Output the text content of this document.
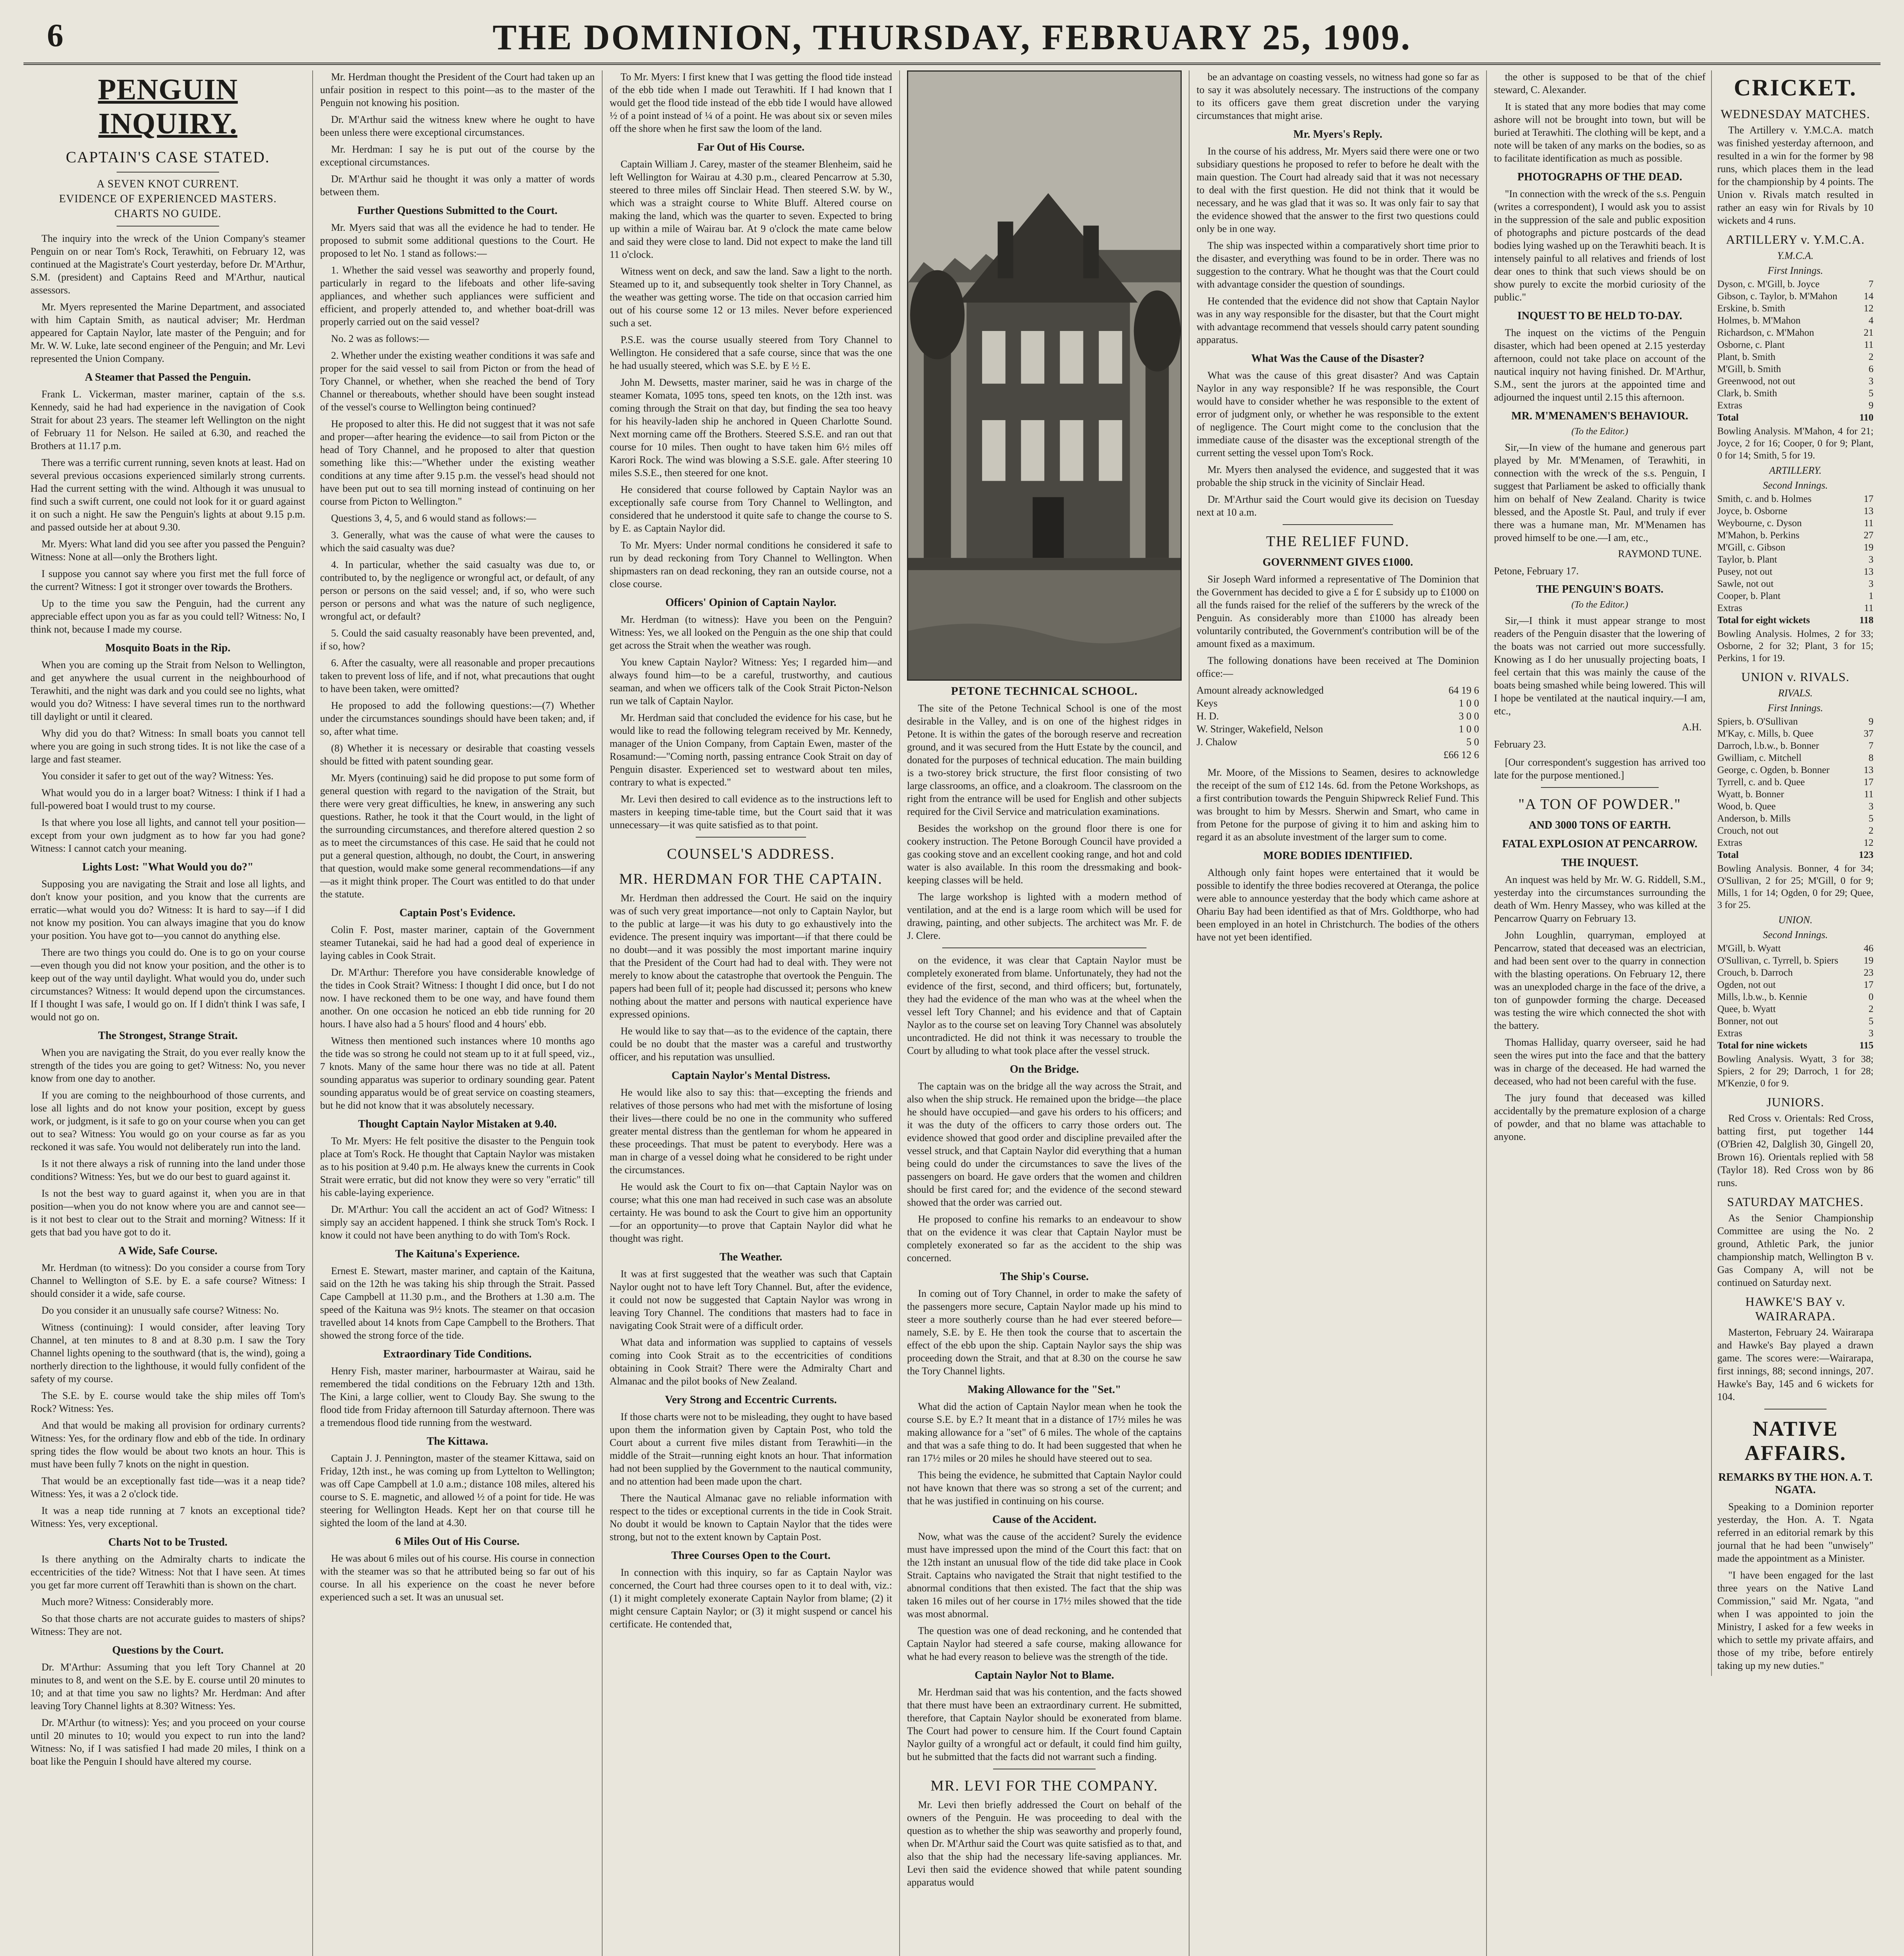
6	THE DOMINION, THURSDAY, FEBRUARY 25, 1909.
PENGUIN INQUIRY.
CAPTAIN'S CASE STATED.
A SEVEN KNOT CURRENT.
EVIDENCE OF EXPERIENCED MASTERS.
CHARTS NO GUIDE.

The inquiry into the wreck of the Union Company's steamer Penguin on or near Tom's Rock, Terawhiti, on February 12, was continued at the Magistrate's Court yesterday, before Dr. M'Arthur, S.M. (president) and Captains Reed and M'Arthur, nautical assessors.

Mr. Myers represented the Marine Department, and associated with him Captain Smith, as nautical adviser; Mr. Herdman appeared for Captain Naylor, late master of the Penguin; and for Mr. W. W. Luke, late second engineer of the Penguin; and Mr. Levi represented the Union Company.

A Steamer that Passed the Penguin.

Frank L. Vickerman, master mariner, captain of the s.s. Kennedy, said he had had experience in the navigation of Cook Strait for about 23 years. The steamer left Wellington on the night of February 11 for Nelson. He sailed at 6.30, and reached the Brothers at 11.17 p.m.

There was a terrific current running, seven knots at least. Had on several previous occasions experienced similarly strong currents. Had the current setting with the wind. Although it was unusual to find such a swift current, one could not look for it or guard against it on such a night. He saw the Penguin's lights at about 9.15 p.m. and passed outside her at about 9.30.

Mr. Myers: What land did you see after you passed the Penguin? Witness: None at all—only the Brothers light.

I suppose you cannot say where you first met the full force of the current? Witness: I got it stronger over towards the Brothers.

Up to the time you saw the Penguin, had the current any appreciable effect upon you as far as you could tell? Witness: No, I think not, because I made my course.

Mosquito Boats in the Rip.

When you are coming up the Strait from Nelson to Wellington, and get anywhere the usual current in the neighbourhood of Terawhiti, and the night was dark and you could see no lights, what would you do? Witness: I have several times run to the northward till daylight or until it cleared.

Why did you do that? Witness: In small boats you cannot tell where you are going in such strong tides. It is not like the case of a large and fast steamer.

You consider it safer to get out of the way? Witness: Yes.

What would you do in a larger boat? Witness: I think if I had a full-powered boat I would trust to my course.

Is that where you lose all lights, and cannot tell your position—except from your own judgment as to how far you had gone? Witness: I cannot catch your meaning.

Lights Lost: "What Would you do?"

Supposing you are navigating the Strait and lose all lights, and don't know your position, and you know that the currents are erratic—what would you do? Witness: It is hard to say—if I did not know my position. You can always imagine that you do know your position. You have got to—you cannot do anything else.

There are two things you could do. One is to go on your course—even though you did not know your position, and the other is to keep out of the way until daylight. What would you do, under such circumstances? Witness: It would depend upon the circumstances. If I thought I was safe, I would go on. If I didn't think I was safe, I would not go on.

The Strongest, Strange Strait.

When you are navigating the Strait, do you ever really know the strength of the tides you are going to get? Witness: No, you never know from one day to another.

If you are coming to the neighbourhood of those currents, and lose all lights and do not know your position, except by guess work, or judgment, is it safe to go on your course when you can get out to sea? Witness: You would go on your course as far as you reckoned it was safe. You would not deliberately run into the land.

Is it not there always a risk of running into the land under those conditions? Witness: Yes, but we do our best to guard against it.

Is not the best way to guard against it, when you are in that position—when you do not know where you are and cannot see—is it not best to clear out to the Strait and morning? Witness: If it gets that bad you have got to do it.

A Wide, Safe Course.

Mr. Herdman (to witness): Do you consider a course from Tory Channel to Wellington of S.E. by E. a safe course? Witness: I should consider it a wide, safe course.

Do you consider it an unusually safe course? Witness: No.

Witness (continuing): I would consider, after leaving Tory Channel, at ten minutes to 8 and at 8.30 p.m. I saw the Tory Channel lights opening to the southward (that is, the wind), going a northerly direction to the lighthouse, it would fully confident of the safety of my course.

The S.E. by E. course would take the ship miles off Tom's Rock? Witness: Yes.

And that would be making all provision for ordinary currents? Witness: Yes, for the ordinary flow and ebb of the tide. In ordinary spring tides the flow would be about two knots an hour. This is must have been fully 7 knots on the night in question.

That would be an exceptionally fast tide—was it a neap tide? Witness: Yes, it was a 2 o'clock tide.

It was a neap tide running at 7 knots an exceptional tide? Witness: Yes, very exceptional.

Charts Not to be Trusted.

Is there anything on the Admiralty charts to indicate the eccentricities of the tide? Witness: Not that I have seen. At times you get far more current off Terawhiti than is shown on the chart.

Much more? Witness: Considerably more.

So that those charts are not accurate guides to masters of ships? Witness: They are not.

Questions by the Court.

Dr. M'Arthur: Assuming that you left Tory Channel at 20 minutes to 8, and went on the S.E. by E. course until 20 minutes to 10; and at that time you saw no lights? Mr. Herdman: And after leaving Tory Channel lights at 8.30? Witness: Yes.

Dr. M'Arthur (to witness): Yes; and you proceed on your course until 20 minutes to 10; would you expect to run into the land? Witness: No, if I was satisfied I had made 20 miles, I think on a boat like the Penguin I should have altered my course.

Mr. Herdman thought the President of the Court had taken up an unfair position in respect to this point—as to the master of the Penguin not knowing his position.

Dr. M'Arthur said the witness knew where he ought to have been unless there were exceptional circumstances.

Mr. Herdman: I say he is put out of the course by the exceptional circumstances.

Dr. M'Arthur said he thought it was only a matter of words between them.

Further Questions Submitted to the Court.

Mr. Myers said that was all the evidence he had to tender. He proposed to submit some additional questions to the Court. He proposed to let No. 1 stand as follows:—

1. Whether the said vessel was seaworthy and properly found, particularly in regard to the lifeboats and other life-saving appliances, and whether such appliances were sufficient and efficient, and properly attended to, and whether boat-drill was properly carried out on the said vessel?

No. 2 was as follows:—

2. Whether under the existing weather conditions it was safe and proper for the said vessel to sail from Picton or from the head of Tory Channel, or whether, when she reached the bend of Tory Channel or thereabouts, whether should have been sought instead of the vessel's course to Wellington being continued?

He proposed to alter this. He did not suggest that it was not safe and proper—after hearing the evidence—to sail from Picton or the head of Tory Channel, and he proposed to alter that question something like this:—"Whether under the existing weather conditions at any time after 9.15 p.m. the vessel's head should not have been put out to sea till morning instead of continuing on her course from Picton to Wellington."

Questions 3, 4, 5, and 6 would stand as follows:—

3. Generally, what was the cause of what were the causes to which the said casualty was due?

4. In particular, whether the said casualty was due to, or contributed to, by the negligence or wrongful act, or default, of any person or persons on the said vessel; and, if so, who were such person or persons and what was the nature of such negligence, wrongful act, or default?

5. Could the said casualty reasonably have been prevented, and, if so, how?

6. After the casualty, were all reasonable and proper precautions taken to prevent loss of life, and if not, what precautions that ought to have been taken, were omitted?

He proposed to add the following questions:—(7) Whether under the circumstances soundings should have been taken; and, if so, after what time.

(8) Whether it is necessary or desirable that coasting vessels should be fitted with patent sounding gear.

Mr. Myers (continuing) said he did propose to put some form of general question with regard to the navigation of the Strait, but there were very great difficulties, he knew, in answering any such questions. Rather, he took it that the Court would, in the light of the surrounding circumstances, and therefore altered question 2 so as to meet the circumstances of this case. He said that he could not put a general question, although, no doubt, the Court, in answering that question, would make some general recommendations—if any—as it might think proper. The Court was entitled to do that under the statute.

Captain Post's Evidence.

Colin F. Post, master mariner, captain of the Government steamer Tutanekai, said he had had a good deal of experience in laying cables in Cook Strait.

Dr. M'Arthur: Therefore you have considerable knowledge of the tides in Cook Strait? Witness: I thought I did once, but I do not now. I have reckoned them to be one way, and have found them another. On one occasion he noticed an ebb tide running for 20 hours. I have also had a 5 hours' flood and 4 hours' ebb.

Witness then mentioned such instances where 10 months ago the tide was so strong he could not steam up to it at full speed, viz., 7 knots. Many of the same hour there was no tide at all. Patent sounding apparatus was superior to ordinary sounding gear. Patent sounding apparatus would be of great service on coasting steamers, but he did not know that it was absolutely necessary.

Thought Captain Naylor Mistaken at 9.40.

To Mr. Myers: He felt positive the disaster to the Penguin took place at Tom's Rock. He thought that Captain Naylor was mistaken as to his position at 9.40 p.m. He always knew the currents in Cook Strait were erratic, but did not know they were so very "erratic" till his cable-laying experience.

Dr. M'Arthur: You call the accident an act of God? Witness: I simply say an accident happened. I think she struck Tom's Rock. I know it could not have been anything to do with Tom's Rock.

The Kaituna's Experience.

Ernest E. Stewart, master mariner, and captain of the Kaituna, said on the 12th he was taking his ship through the Strait. Passed Cape Campbell at 11.30 p.m., and the Brothers at 1.30 a.m. The speed of the Kaituna was 9½ knots. The steamer on that occasion travelled about 14 knots from Cape Campbell to the Brothers. That showed the strong force of the tide.

Extraordinary Tide Conditions.

Henry Fish, master mariner, harbourmaster at Wairau, said he remembered the tidal conditions on the February 12th and 13th. The Kini, a large collier, went to Cloudy Bay. She swung to the flood tide from Friday afternoon till Saturday afternoon. There was a tremendous flood tide running from the westward.

The Kittawa.

Captain J. J. Pennington, master of the steamer Kittawa, said on Friday, 12th inst., he was coming up from Lyttelton to Wellington; was off Cape Campbell at 1.0 a.m.; distance 108 miles, altered his course to S. E. magnetic, and allowed ½ of a point for tide. He was steering for Wellington Heads. Kept her on that course till he sighted the loom of the land at 4.30.

6 Miles Out of His Course.

He was about 6 miles out of his course. His course in connection with the steamer was so that he attributed being so far out of his course. In all his experience on the coast he never before experienced such a set. It was an unusual set.

To Mr. Myers: I first knew that I was getting the flood tide instead of the ebb tide when I made out Terawhiti. If I had known that I would get the flood tide instead of the ebb tide I would have allowed ½ of a point instead of ¼ of a point. He was about six or seven miles off the shore when he first saw the loom of the land.

Far Out of His Course.

Captain William J. Carey, master of the steamer Blenheim, said he left Wellington for Wairau at 4.30 p.m., cleared Pencarrow at 5.30, steered to three miles off Sinclair Head. Then steered S.W. by W., which was a straight course to White Bluff. Altered course on making the land, which was the quarter to seven. Expected to bring up within a mile of Wairau bar. At 9 o'clock the mate came below and said they were close to land. Did not expect to make the land till 11 o'clock.

Witness went on deck, and saw the land. Saw a light to the north. Steamed up to it, and subsequently took shelter in Tory Channel, as the weather was getting worse. The tide on that occasion carried him out of his course some 12 or 13 miles. Never before experienced such a set.

P.S.E. was the course usually steered from Tory Channel to Wellington. He considered that a safe course, since that was the one he had usually steered, which was S.E. by E ½ E.

John M. Dewsetts, master mariner, said he was in charge of the steamer Komata, 1095 tons, speed ten knots, on the 12th inst. was coming through the Strait on that day, but finding the sea too heavy for his heavily-laden ship he anchored in Queen Charlotte Sound. Next morning came off the Brothers. Steered S.S.E. and ran out that course for 10 miles. Then ought to have taken him 6½ miles off Karori Rock. The wind was blowing a S.S.E. gale. After steering 10 miles S.S.E., then steered for one knot.

He considered that course followed by Captain Naylor was an exceptionally safe course from Tory Channel to Wellington, and considered that he understood it quite safe to change the course to S. by E. as Captain Naylor did.

To Mr. Myers: Under normal conditions he considered it safe to run by dead reckoning from Tory Channel to Wellington. When shipmasters ran on dead reckoning, they ran an outside course, not a close course.

Officers' Opinion of Captain Naylor.

Mr. Herdman (to witness): Have you been on the Penguin? Witness: Yes, we all looked on the Penguin as the one ship that could get across the Strait when the weather was rough.

You knew Captain Naylor? Witness: Yes; I regarded him—and always found him—to be a careful, trustworthy, and cautious seaman, and when we officers talk of the Cook Strait Picton-Nelson run we talk of Captain Naylor.

Mr. Herdman said that concluded the evidence for his case, but he would like to read the following telegram received by Mr. Kennedy, manager of the Union Company, from Captain Ewen, master of the Rosamund:—"Coming north, passing entrance Cook Strait on day of Penguin disaster. Experienced set to westward about ten miles, contrary to what is expected."

Mr. Levi then desired to call evidence as to the instructions left to masters in keeping time-table time, but the Court said that it was unnecessary—it was quite satisfied as to that point.

COUNSEL'S ADDRESS.
MR. HERDMAN FOR THE CAPTAIN.

Mr. Herdman then addressed the Court. He said on the inquiry was of such very great importance—not only to Captain Naylor, but to the public at large—it was his duty to go exhaustively into the evidence. The present inquiry was important—if that there could be no doubt—and it was possibly the most important marine inquiry that the President of the Court had had to deal with. They were not merely to know about the catastrophe that overtook the Penguin. The papers had been full of it; people had discussed it; persons who knew nothing about the matter and persons with nautical experience have expressed opinions.

He would like to say that—as to the evidence of the captain, there could be no doubt that the master was a careful and trustworthy officer, and his reputation was unsullied.

Captain Naylor's Mental Distress.

He would like also to say this: that—excepting the friends and relatives of those persons who had met with the misfortune of losing their lives—there could be no one in the community who suffered greater mental distress than the gentleman for whom he appeared in these proceedings. That must be patent to everybody. Here was a man in charge of a vessel doing what he considered to be right under the circumstances.

He would ask the Court to fix on—that Captain Naylor was on course; what this one man had received in such case was an absolute certainty. He was bound to ask the Court to give him an opportunity—for an opportunity—to prove that Captain Naylor did what he thought was right.

The Weather.

It was at first suggested that the weather was such that Captain Naylor ought not to have left Tory Channel. But, after the evidence, it could not now be suggested that Captain Naylor was wrong in leaving Tory Channel. The conditions that masters had to face in navigating Cook Strait were of a difficult order.

What data and information was supplied to captains of vessels coming into Cook Strait as to the eccentricities of conditions obtaining in Cook Strait? There were the Admiralty Chart and Almanac and the pilot books of New Zealand.

Very Strong and Eccentric Currents.

If those charts were not to be misleading, they ought to have based upon them the information given by Captain Post, who told the Court about a current five miles distant from Terawhiti—in the middle of the Strait—running eight knots an hour. That information had not been supplied by the Government to the nautical community, and no attention had been made upon the chart.

There the Nautical Almanac gave no reliable information with respect to the tides or exceptional currents in the tide in Cook Strait. No doubt it would be known to Captain Naylor that the tides were strong, but not to the extent known by Captain Post.

Three Courses Open to the Court.

In connection with this inquiry, so far as Captain Naylor was concerned, the Court had three courses open to it to deal with, viz.: (1) it might completely exonerate Captain Naylor from blame; (2) it might censure Captain Naylor; or (3) it might suspend or cancel his certificate. He contended that,

PETONE TECHNICAL SCHOOL.

The site of the Petone Technical School is one of the most desirable in the Valley, and is on one of the highest ridges in Petone. It is within the gates of the borough reserve and recreation ground, and it was secured from the Hutt Estate by the council, and donated for the purposes of technical education. The main building is a two-storey brick structure, the first floor consisting of two large classrooms, an office, and a cloakroom. The classroom on the right from the entrance will be used for English and other subjects required for the Civil Service and matriculation examinations.

Besides the workshop on the ground floor there is one for cookery instruction. The Petone Borough Council have provided a gas cooking stove and an excellent cooking range, and hot and cold water is also available. In this room the dressmaking and book-keeping classes will be held.

The large workshop is lighted with a modern method of ventilation, and at the end is a large room which will be used for drawing, painting, and other subjects. The architect was Mr. F. de J. Clere.

on the evidence, it was clear that Captain Naylor must be completely exonerated from blame. Unfortunately, they had not the evidence of the first, second, and third officers; but, fortunately, they had the evidence of the man who was at the wheel when the vessel left Tory Channel; and his evidence and that of Captain Naylor as to the course set on leaving Tory Channel was absolutely uncontradicted. He did not think it was necessary to trouble the Court by alluding to what took place after the vessel struck.

On the Bridge.

The captain was on the bridge all the way across the Strait, and also when the ship struck. He remained upon the bridge—the place he should have occupied—and gave his orders to his officers; and it was the duty of the officers to carry those orders out. The evidence showed that good order and discipline prevailed after the vessel struck, and that Captain Naylor did everything that a human being could do under the circumstances to save the lives of the passengers on board. He gave orders that the women and children should be first cared for; and the evidence of the second steward showed that the order was carried out.

He proposed to confine his remarks to an endeavour to show that on the evidence it was clear that Captain Naylor must be completely exonerated so far as the accident to the ship was concerned.

The Ship's Course.

In coming out of Tory Channel, in order to make the safety of the passengers more secure, Captain Naylor made up his mind to steer a more southerly course than he had ever steered before—namely, S.E. by E. He then took the course that to ascertain the effect of the ebb upon the ship. Captain Naylor says the ship was proceeding down the Strait, and that at 8.30 on the course he saw the Tory Channel lights.

Making Allowance for the "Set."

What did the action of Captain Naylor mean when he took the course S.E. by E.? It meant that in a distance of 17½ miles he was making allowance for a "set" of 6 miles. The whole of the captains and that was a safe thing to do. It had been suggested that when he ran 17½ miles or 20 miles he should have steered out to sea.

This being the evidence, he submitted that Captain Naylor could not have known that there was so strong a set of the current; and that he was justified in continuing on his course.

Cause of the Accident.

Now, what was the cause of the accident? Surely the evidence must have impressed upon the mind of the Court this fact: that on the 12th instant an unusual flow of the tide did take place in Cook Strait. Captains who navigated the Strait that night testified to the abnormal conditions that then existed. The fact that the ship was taken 16 miles out of her course in 17½ miles showed that the tide was most abnormal.

The question was one of dead reckoning, and he contended that Captain Naylor had steered a safe course, making allowance for what he had every reason to believe was the strength of the tide.

Captain Naylor Not to Blame.

Mr. Herdman said that was his contention, and the facts showed that there must have been an extraordinary current. He submitted, therefore, that Captain Naylor should be exonerated from blame. The Court had power to censure him. If the Court found Captain Naylor guilty of a wrongful act or default, it could find him guilty, but he submitted that the facts did not warrant such a finding.

MR. LEVI FOR THE COMPANY.

Mr. Levi then briefly addressed the Court on behalf of the owners of the Penguin. He was proceeding to deal with the question as to whether the ship was seaworthy and properly found, when Dr. M'Arthur said the Court was quite satisfied as to that, and also that the ship had the necessary life-saving appliances. Mr. Levi then said the evidence showed that while patent sounding apparatus would

be an advantage on coasting vessels, no witness had gone so far as to say it was absolutely necessary. The instructions of the company to its officers gave them great discretion under the varying circumstances that might arise.

Mr. Myers's Reply.

In the course of his address, Mr. Myers said there were one or two subsidiary questions he proposed to refer to before he dealt with the main question. The Court had already said that it was not necessary to deal with the first question. He did not think that it would be necessary, and he was glad that it was so. It was only fair to say that the evidence showed that the answer to the first two questions could only be in one way.

The ship was inspected within a comparatively short time prior to the disaster, and everything was found to be in order. There was no suggestion to the contrary. What he thought was that the Court could with advantage consider the question of soundings.

He contended that the evidence did not show that Captain Naylor was in any way responsible for the disaster, but that the Court might with advantage recommend that vessels should carry patent sounding apparatus.

What Was the Cause of the Disaster?

What was the cause of this great disaster? And was Captain Naylor in any way responsible? If he was responsible, the Court would have to consider whether he was responsible to the extent of error of judgment only, or whether he was responsible to the extent of negligence. The Court might come to the conclusion that the immediate cause of the disaster was the exceptional strength of the current setting the vessel upon Tom's Rock.

Mr. Myers then analysed the evidence, and suggested that it was probable the ship struck in the vicinity of Sinclair Head.

Dr. M'Arthur said the Court would give its decision on Tuesday next at 10 a.m.

THE RELIEF FUND.
GOVERNMENT GIVES £1000.

Sir Joseph Ward informed a representative of The Dominion that the Government has decided to give a £ for £ subsidy up to £1000 on all the funds raised for the relief of the sufferers by the wreck of the Penguin. As considerably more than £1000 has already been voluntarily contributed, the Government's contribution will be of the amount fixed as a maximum.

The following donations have been received at The Dominion office:—

Amount already acknowledged	64 19 6
Keys	1 0 0
H. D.	3 0 0
W. Stringer, Wakefield, Nelson	1 0 0
J. Chalow	5 0
£66 12 6

Mr. Moore, of the Missions to Seamen, desires to acknowledge the receipt of the sum of £12 14s. 6d. from the Petone Workshops, as a first contribution towards the Penguin Shipwreck Relief Fund. This was brought to him by Messrs. Sherwin and Smart, who came in from Petone for the purpose of giving it to him and asking him to regard it as an absolute investment of the larger sum to come.

MORE BODIES IDENTIFIED.

Although only faint hopes were entertained that it would be possible to identify the three bodies recovered at Oteranga, the police were able to announce yesterday that the body which came ashore at Ohariu Bay had been identified as that of Mrs. Goldthorpe, who had been employed in an hotel in Christchurch. The bodies of the others have not yet been identified.

the other is supposed to be that of the chief steward, C. Alexander.

It is stated that any more bodies that may come ashore will not be brought into town, but will be buried at Terawhiti. The clothing will be kept, and a note will be taken of any marks on the bodies, so as to facilitate identification as much as possible.

PHOTOGRAPHS OF THE DEAD.

"In connection with the wreck of the s.s. Penguin (writes a correspondent), I would ask you to assist in the suppression of the sale and public exposition of photographs and picture postcards of the dead bodies lying washed up on the Terawhiti beach. It is intensely painful to all relatives and friends of lost dear ones to think that such views should be on show purely to excite the morbid curiosity of the public."

INQUEST TO BE HELD TO-DAY.

The inquest on the victims of the Penguin disaster, which had been opened at 2.15 yesterday afternoon, could not take place on account of the nautical inquiry not having finished. Dr. M'Arthur, S.M., sent the jurors at the appointed time and adjourned the inquest until 2.15 this afternoon.

MR. M'MENAMEN'S BEHAVIOUR.
(To the Editor.)

Sir,—In view of the humane and generous part played by Mr. M'Menamen, of Terawhiti, in connection with the wreck of the s.s. Penguin, I suggest that Parliament be asked to officially thank him on behalf of New Zealand. Charity is twice blessed, and the Apostle St. Paul, and truly if ever there was a humane man, Mr. M'Menamen has proved himself to be one.—I am, etc.,

RAYMOND TUNE.
Petone, February 17.
THE PENGUIN'S BOATS.
(To the Editor.)

Sir,—I think it must appear strange to most readers of the Penguin disaster that the lowering of the boats was not carried out more successfully. Knowing as I do her unusually projecting boats, I feel certain that this was mainly the cause of the boats being smashed while being lowered. This will I hope be ventilated at the nautical inquiry.—I am, etc.,

A.H.
February 23.

[Our correspondent's suggestion has arrived too late for the purpose mentioned.]

"A TON OF POWDER."
AND 3000 TONS OF EARTH.
FATAL EXPLOSION AT PENCARROW.
THE INQUEST.

An inquest was held by Mr. W. G. Riddell, S.M., yesterday into the circumstances surrounding the death of Wm. Henry Massey, who was killed at the Pencarrow Quarry on February 13.

John Loughlin, quarryman, employed at Pencarrow, stated that deceased was an electrician, and had been sent over to the quarry in connection with the blasting operations. On February 12, there was an unexploded charge in the face of the drive, a ton of gunpowder forming the charge. Deceased was testing the wire which connected the shot with the battery.

Thomas Halliday, quarry overseer, said he had seen the wires put into the face and that the battery was in charge of the deceased. He had warned the deceased, who had not been careful with the fuse.

The jury found that deceased was killed accidentally by the premature explosion of a charge of powder, and that no blame was attachable to anyone.

CRICKET.
WEDNESDAY MATCHES.

The Artillery v. Y.M.C.A. match was finished yesterday afternoon, and resulted in a win for the former by 98 runs, which places them in the lead for the championship by 4 points. The Union v. Rivals match resulted in rather an easy win for Rivals by 10 wickets and 4 runs.

ARTILLERY v. Y.M.C.A.
Y.M.C.A.
First Innings.
Dyson, c. M'Gill, b. Joyce	7
Gibson, c. Taylor, b. M'Mahon	14
Erskine, b. Smith	12
Holmes, b. M'Mahon	4
Richardson, c. M'Mahon	21
Osborne, c. Plant	11
Plant, b. Smith	2
M'Gill, b. Smith	6
Greenwood, not out	3
Clark, b. Smith	5
Extras	9
Total	110
Bowling Analysis. M'Mahon, 4 for 21; Joyce, 2 for 16; Cooper, 0 for 9; Plant, 0 for 14; Smith, 5 for 19.
ARTILLERY.
Second Innings.
Smith, c. and b. Holmes	17
Joyce, b. Osborne	13
Weybourne, c. Dyson	11
M'Mahon, b. Perkins	27
M'Gill, c. Gibson	19
Taylor, b. Plant	3
Pusey, not out	13
Sawle, not out	3
Cooper, b. Plant	1
Extras	11
Total for eight wickets	118
Bowling Analysis. Holmes, 2 for 33; Osborne, 2 for 32; Plant, 3 for 15; Perkins, 1 for 19.
UNION v. RIVALS.
RIVALS.
First Innings.
Spiers, b. O'Sullivan	9
M'Kay, c. Mills, b. Quee	37
Darroch, l.b.w., b. Bonner	7
Gwilliam, c. Mitchell	8
George, c. Ogden, b. Bonner	13
Tyrrell, c. and b. Quee	17
Wyatt, b. Bonner	11
Wood, b. Quee	3
Anderson, b. Mills	5
Crouch, not out	2
Extras	12
Total	123
Bowling Analysis. Bonner, 4 for 34; O'Sullivan, 2 for 25; M'Gill, 0 for 9; Mills, 1 for 14; Ogden, 0 for 29; Quee, 3 for 25.
UNION.
Second Innings.
M'Gill, b. Wyatt	46
O'Sullivan, c. Tyrrell, b. Spiers	19
Crouch, b. Darroch	23
Ogden, not out	17
Mills, l.b.w., b. Kennie	0
Quee, b. Wyatt	2
Bonner, not out	5
Extras	3
Total for nine wickets	115
Bowling Analysis. Wyatt, 3 for 38; Spiers, 2 for 29; Darroch, 1 for 28; M'Kenzie, 0 for 9.
JUNIORS.

Red Cross v. Orientals: Red Cross, batting first, put together 144 (O'Brien 42, Dalglish 30, Gingell 20, Brown 16). Orientals replied with 58 (Taylor 18). Red Cross won by 86 runs.

SATURDAY MATCHES.

As the Senior Championship Committee are using the No. 2 ground, Athletic Park, the junior championship match, Wellington B v. Gas Company A, will not be continued on Saturday next.

HAWKE'S BAY v. WAIRARAPA.

Masterton, February 24. Wairarapa and Hawke's Bay played a drawn game. The scores were:—Wairarapa, first innings, 88; second innings, 207. Hawke's Bay, 145 and 6 wickets for 104.

NATIVE AFFAIRS.
REMARKS BY THE HON. A. T. NGATA.

Speaking to a Dominion reporter yesterday, the Hon. A. T. Ngata referred in an editorial remark by this journal that he had been "unwisely" made the appointment as a Minister.

"I have been engaged for the last three years on the Native Land Commission," said Mr. Ngata, "and when I was appointed to join the Ministry, I asked for a few weeks in which to settle my private affairs, and those of my tribe, before entirely taking up my new duties."
